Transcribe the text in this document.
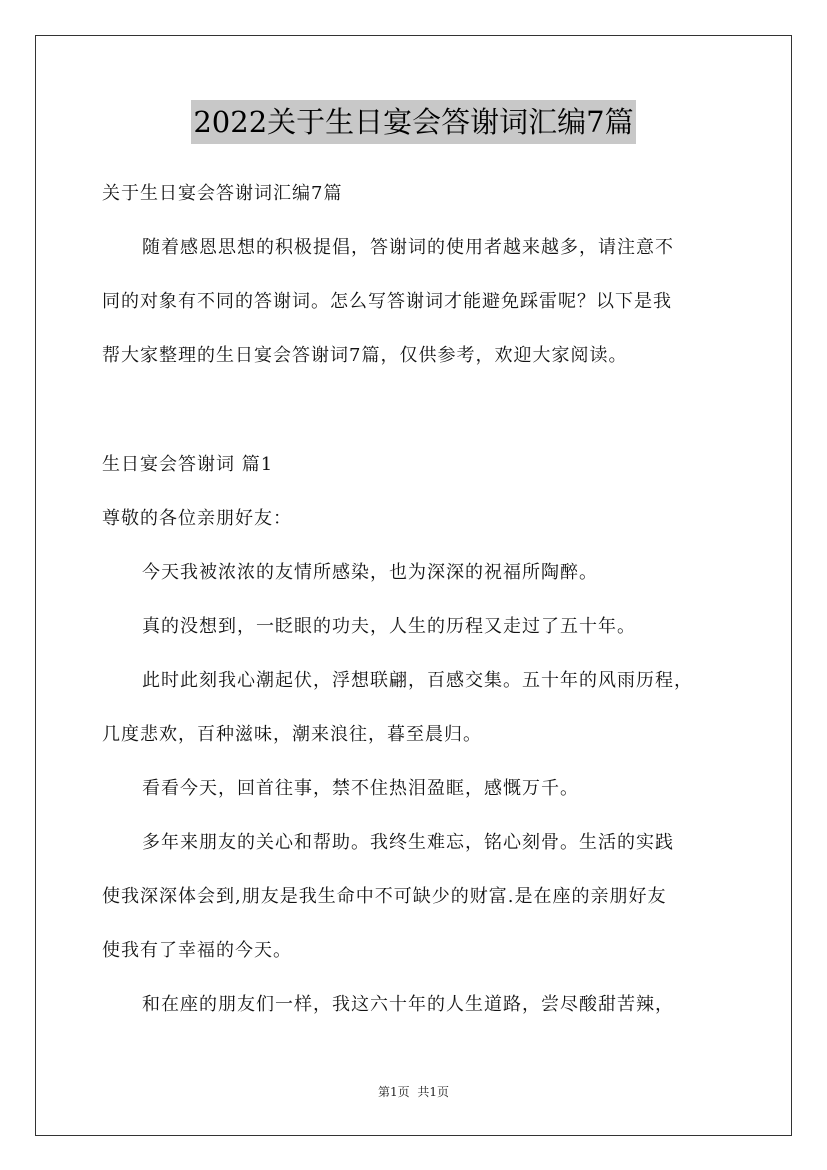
2022关于生日宴会答谢词汇编7篇

关于生日宴会答谢词汇编7篇

随着感恩思想的积极提倡，答谢词的使用者越来越多，请注意不

同的对象有不同的答谢词。怎么写答谢词才能避免踩雷呢？以下是我

帮大家整理的生日宴会答谢词7篇，仅供参考，欢迎大家阅读。

生日宴会答谢词 篇1

尊敬的各位亲朋好友：

今天我被浓浓的友情所感染，也为深深的祝福所陶醉。

真的没想到，一眨眼的功夫，人生的历程又走过了五十年。

此时此刻我心潮起伏，浮想联翩，百感交集。五十年的风雨历程，

几度悲欢，百种滋味，潮来浪往，暮至晨归。

看看今天，回首往事，禁不住热泪盈眶，感慨万千。

多年来朋友的关心和帮助。我终生难忘，铭心刻骨。生活的实践

使我深深体会到,朋友是我生命中不可缺少的财富.是在座的亲朋好友

使我有了幸福的今天。

和在座的朋友们一样，我这六十年的人生道路，尝尽酸甜苦辣，

第1页 共1页
